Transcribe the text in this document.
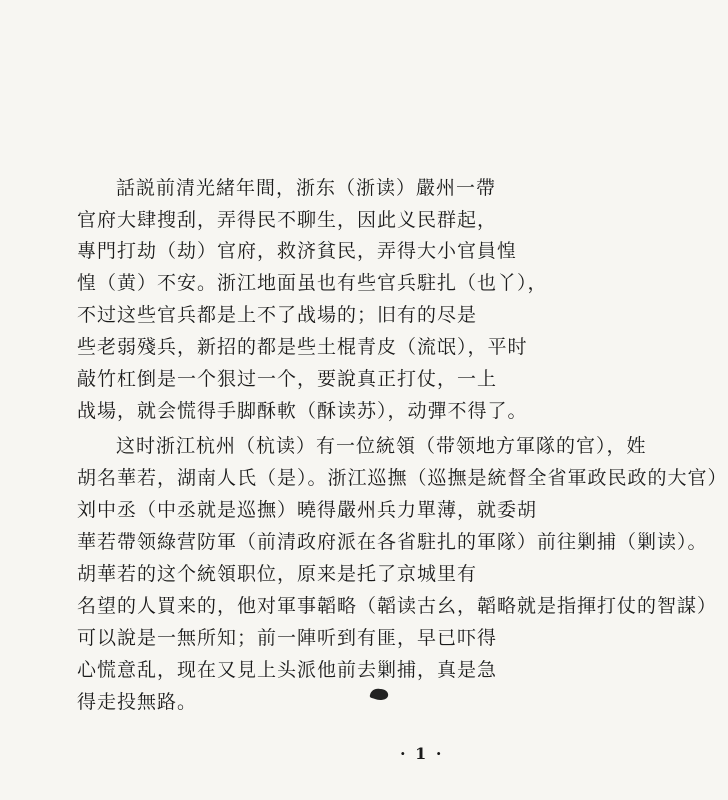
話説前清光緒年間，浙东（浙读）嚴州一帶
官府大肆搜刮，弄得民不聊生，因此义民群起，
專門打劫（劫）官府，救济貧民，弄得大小官員惶
惶（黄）不安。浙江地面虽也有些官兵駐扎（也丫），
不过这些官兵都是上不了战場的；旧有的尽是
些老弱殘兵，新招的都是些土棍青皮（流氓），平时
敲竹杠倒是一个狠过一个，要說真正打仗，一上
战場，就会慌得手脚酥軟（酥读苏），动彈不得了。
这时浙江杭州（杭读）有一位統領（带领地方軍隊的官），姓
胡名華若，湖南人氏（是）。浙江巡撫（巡撫是統督全省軍政民政的大官）
刘中丞（中丞就是巡撫）曉得嚴州兵力單薄，就委胡
華若帶领綠营防軍（前清政府派在各省駐扎的軍隊）前往剿捕（剿读）。
胡華若的这个統領职位，原来是托了京城里有
名望的人買来的，他对軍事韜略（韜读古幺，韜略就是指揮打仗的智謀）
可以說是一無所知；前一陣听到有匪，早已吓得
心慌意乱，现在又見上头派他前去剿捕，真是急
得走投無路。
· 1 ·
